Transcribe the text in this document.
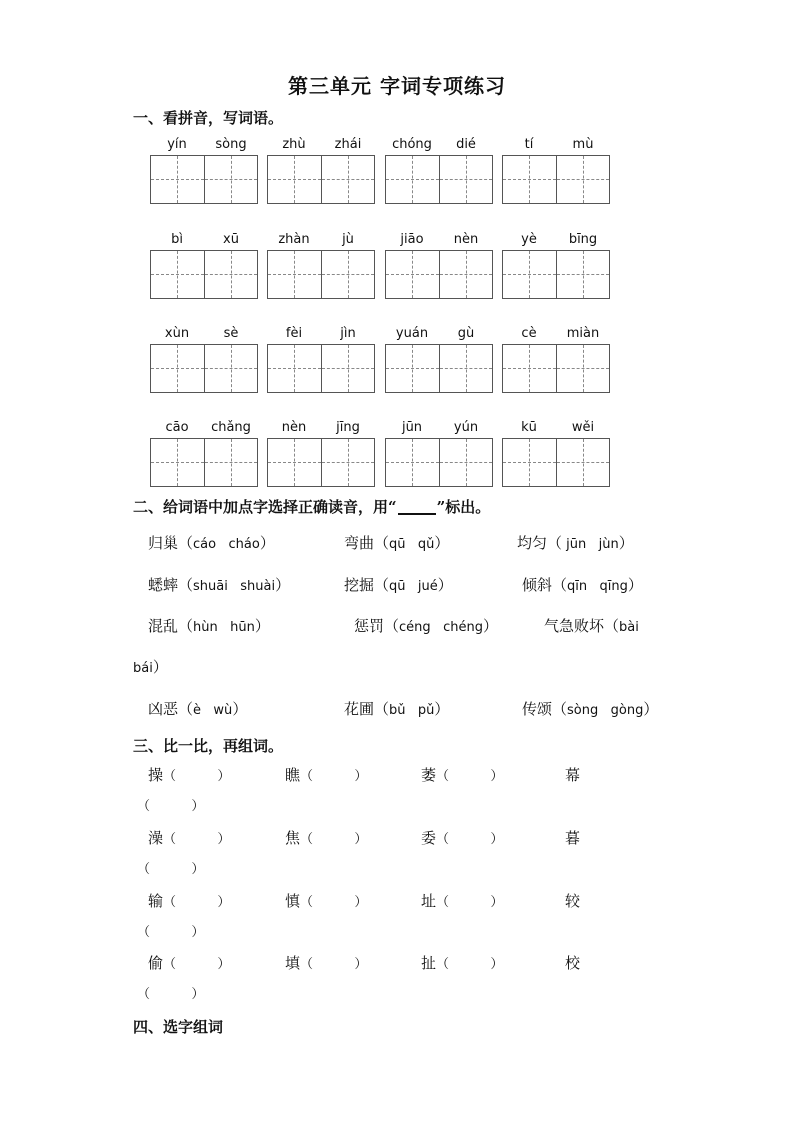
第三单元 字词专项练习
一、看拼音，写词语。
yín	sòng	zhù	zhái	chóng	dié	tí	mù
bì	xū	zhàn	jù	jiāo	nèn	yè	bīng
xùn	sè	fèi	jìn	yuán	gù	cè	miàn
cāo	chǎng	nèn	jīng	jūn	yún	kū	wěi
二、给词语中加点字选择正确读音，用“	”标出。
归巢（cáo   cháo）	弯曲（qū   qǔ）	均匀（ jūn   jùn）
蟋蟀（shuāi   shuài）	挖掘（qū   jué）	倾斜（qīn   qīng）
混乱（hùn   hūn）	惩罚（céng   chéng）	气急败坏（bài
bái）
凶恶（è   wù）	花圃（bǔ   pǔ）	传颂（sòng   gòng）
三、比一比，再组词。
操（          ）	瞧（          ）	萎（          ）	幕
（          ）
澡（          ）	焦（          ）	委（          ）	暮
（          ）
输（          ）	慎（          ）	址（          ）	较
（          ）
偷（          ）	填（          ）	扯（          ）	校
（          ）
四、选字组词
